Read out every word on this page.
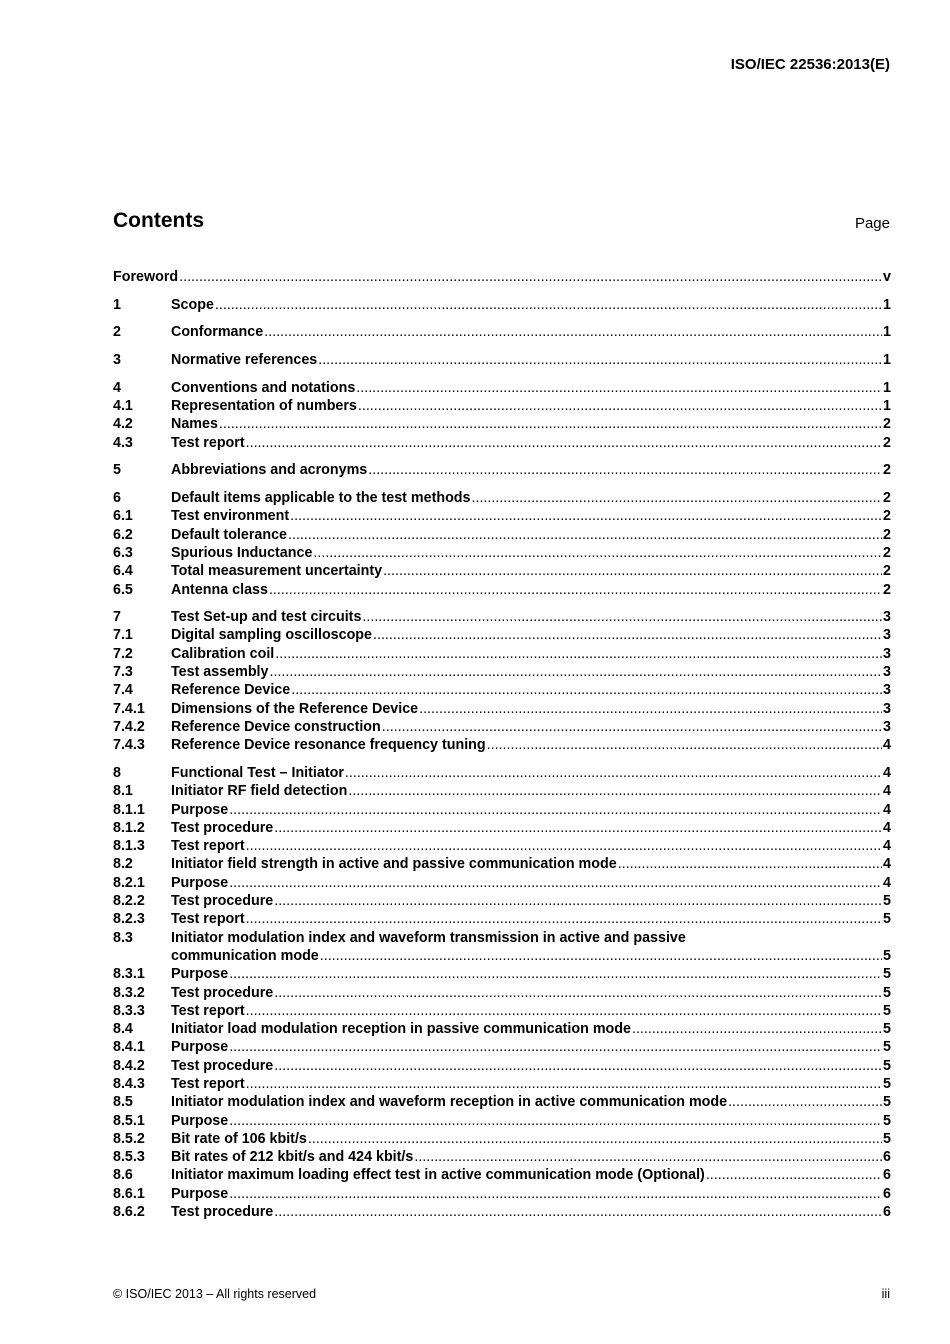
ISO/IEC 22536:2013(E)
Contents	Page
Foreword .....	v
1	Scope .....	1
2	Conformance .....	1
3	Normative references .....	1
4	Conventions and notations .....	1
4.1	Representation of numbers .....	1
4.2	Names .....	2
4.3	Test report .....	2
5	Abbreviations and acronyms .....	2
6	Default items applicable to the test methods .....	2
6.1	Test environment .....	2
6.2	Default tolerance .....	2
6.3	Spurious Inductance .....	2
6.4	Total measurement uncertainty .....	2
6.5	Antenna class .....	2
7	Test Set-up and test circuits .....	3
7.1	Digital sampling oscilloscope .....	3
7.2	Calibration coil .....	3
7.3	Test assembly .....	3
7.4	Reference Device .....	3
7.4.1	Dimensions of the Reference Device .....	3
7.4.2	Reference Device construction .....	3
7.4.3	Reference Device resonance frequency tuning .....	4
8	Functional Test – Initiator .....	4
8.1	Initiator RF field detection .....	4
8.1.1	Purpose .....	4
8.1.2	Test procedure .....	4
8.1.3	Test report .....	4
8.2	Initiator field strength in active and passive communication mode .....	4
8.2.1	Purpose .....	4
8.2.2	Test procedure .....	5
8.2.3	Test report .....	5
8.3	Initiator modulation index and waveform transmission in active and passive
communication mode .....	5
8.3.1	Purpose .....	5
8.3.2	Test procedure .....	5
8.3.3	Test report .....	5
8.4	Initiator load modulation reception in passive communication mode .....	5
8.4.1	Purpose .....	5
8.4.2	Test procedure .....	5
8.4.3	Test report .....	5
8.5	Initiator modulation index and waveform reception in active communication mode .....	5
8.5.1	Purpose .....	5
8.5.2	Bit rate of 106 kbit/s .....	5
8.5.3	Bit rates of 212 kbit/s and 424 kbit/s .....	6
8.6	Initiator maximum loading effect test in active communication mode (Optional) .....	6
8.6.1	Purpose .....	6
8.6.2	Test procedure .....	6
© ISO/IEC 2013 – All rights reserved	iii
